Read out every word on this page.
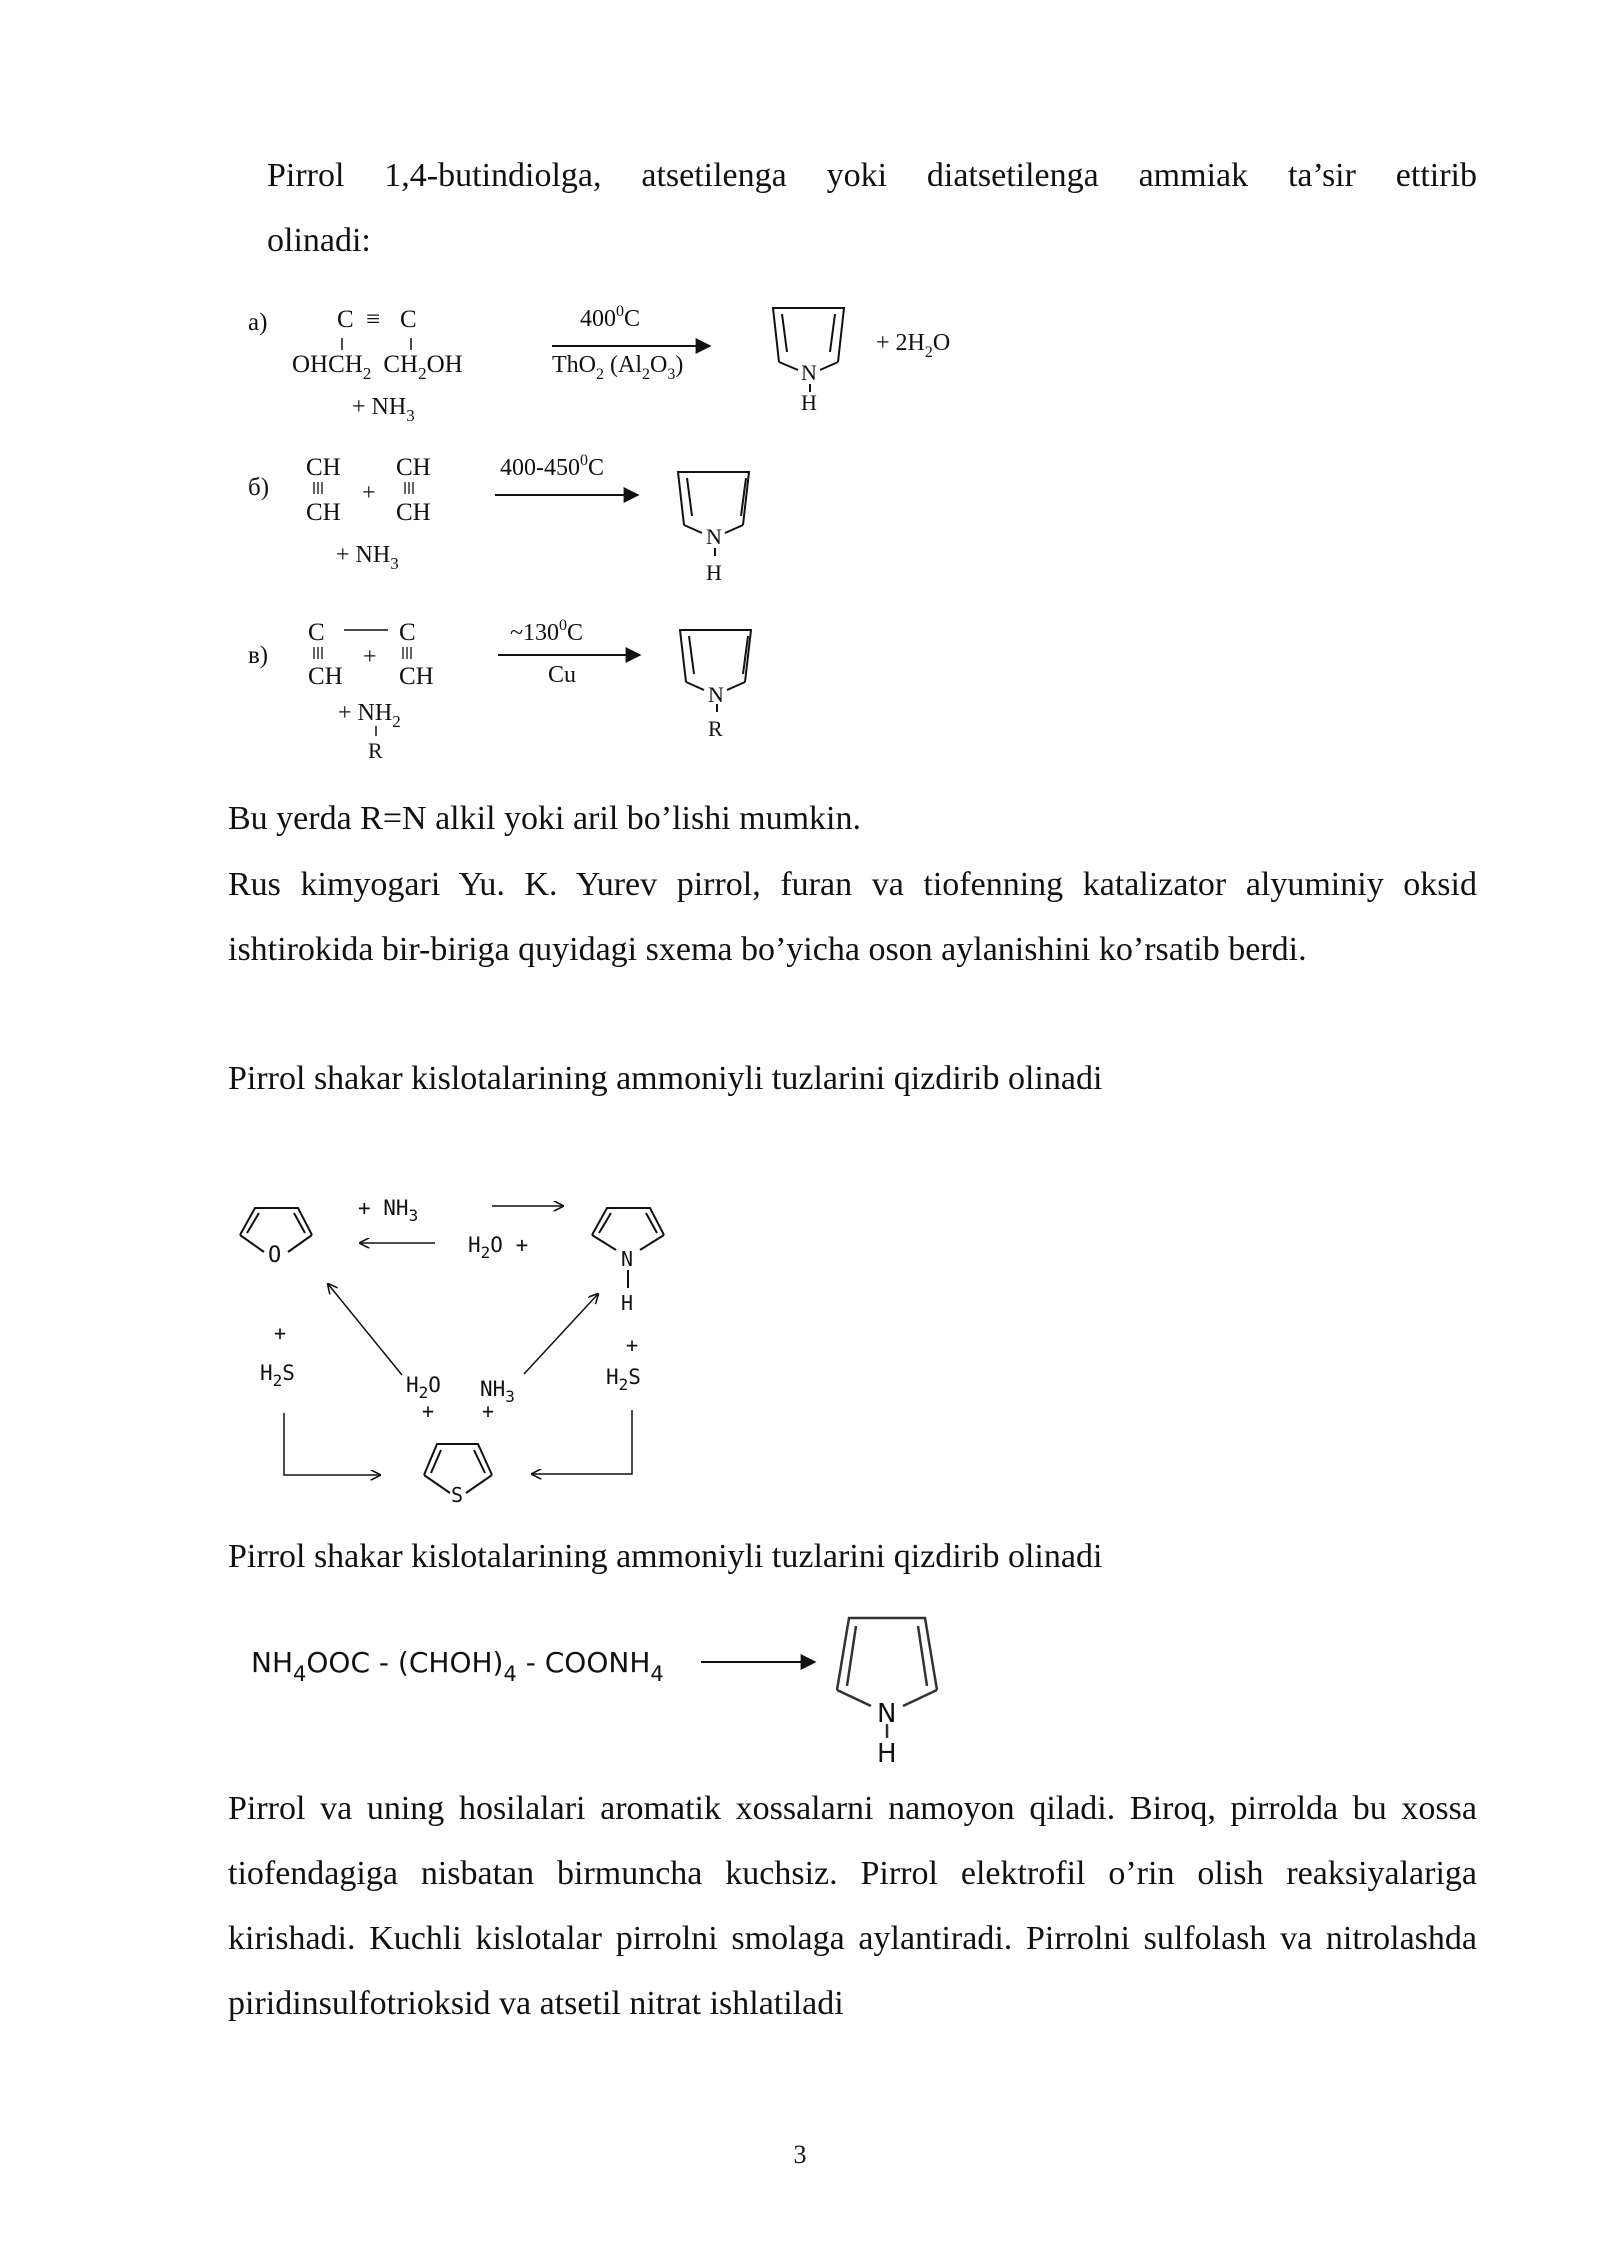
Pirrol 1,4-butindiolga, atsetilenga yoki diatsetilenga ammiak ta’sir ettirib
olinadi:
a)	C ≡ C
$OHCH_2$ $CH_2OH$
+ $NH_3$
$400^0C$
ThO$_2$ $(Al_2O_3)$	N
H
+ $2H_2O$
б)
CH CH
+
CH CH
+ $NH_3$
$400-450^0C$
N
H
в)
C	C
+
CH CH
+ $NH_2$
R
$\sim 130^0C$
Cu
N
R
Bu yerda R=N alkil yoki aril bo’lishi mumkin.
Rus kimyogari Yu. K. Yurev pirrol, furan va tiofenning katalizator alyuminiy oksid ishtirokida bir-biriga quyidagi sxema bo’yicha oson aylanishini ko’rsatib berdi.
Pirrol shakar kislotalarining ammoniyli tuzlarini qizdirib olinadi
O
+ $NH_3$
$H_2O$ +
N
H
+
$H_2S$
+
$H_2S$
$H_2O$
+
$NH_3$
+
S
Pirrol shakar kislotalarining ammoniyli tuzlarini qizdirib olinadi
$NH_4OOC$ - $(CHOH)_4$ - $COONH_4$
N
H
Pirrol va uning hosilalari aromatik xossalarni namoyon qiladi. Biroq, pirrolda bu xossa tiofendagiga nisbatan birmuncha kuchsiz. Pirrol elektrofil o’rin olish reaksiyalariga kirishadi. Kuchli kislotalar pirrolni smolaga aylantiradi. Pirrolni sulfolash va nitrolashda piridinsulfotrioksid va atsetil nitrat ishlatiladi
3
